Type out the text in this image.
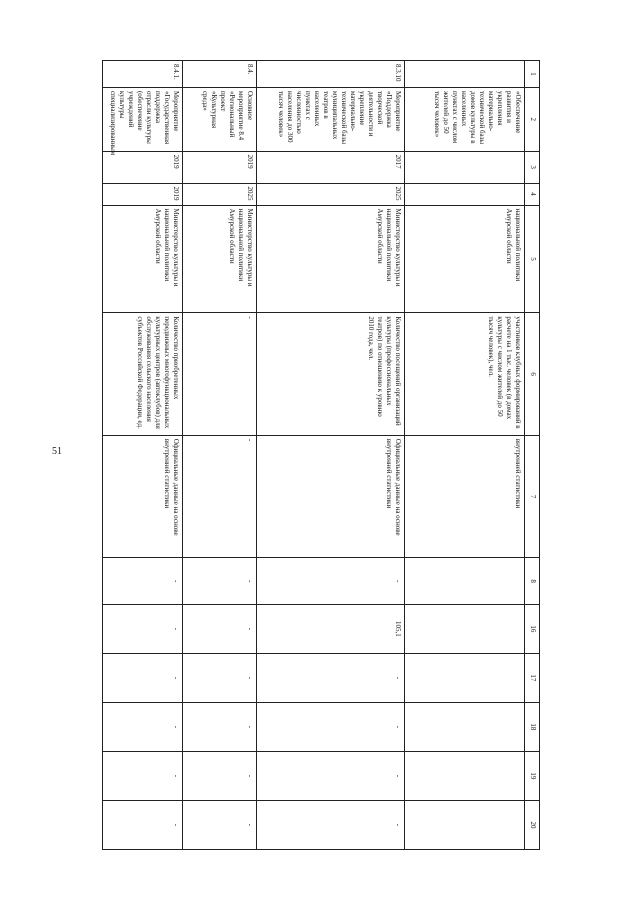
51
1	2	3	4	5	6	7	8	16	17	18	19	20
	«Обеспечение развития и укрепления материально-технической базы домов культуры в населенных пунктах с числом жителей до 50 тысяч человек»			национальной политики Амурской области	участников клубных формирований в расчете на 1 тыс. человек (в домах культуры с числом жителей до 50 тысяч человек), чел.	внутренней статистики						
8.3.10	Мероприятие «Поддержка творческой деятельности и укрепление материально-технической базы муниципальных театров в населенных пунктах с численностью населения до 300 тысяч человек»	2017	2025	Министерство культуры и национальной политики Амурской области	Количество посещений организаций культуры (профессиональных театров) по отношению к уровню 2010 года, чел.	Официальные данные на основе внутренней статистики	-	105,1	-	-	-	-
8.4.	Основное мероприятие 8.4 «Региональный проект «Культурная среда»	2019	2025	Министерство культуры и национальной политики Амурской области	-	-	-	-	-	-	-	-
8.4.1.	Мероприятие «Государственная поддержка отрасли культуры (обеспечение учреждений культуры специализированным	2019	2019	Министерство культуры и национальной политики Амурской области	Количество приобретенных передвижных многофункциональных культурных центров (автоклубов) для обслуживания сельского населения субъектов Российской Федерации, ед.	Официальные данные на основе внутренней статистики	-	-	-	-	-	-
